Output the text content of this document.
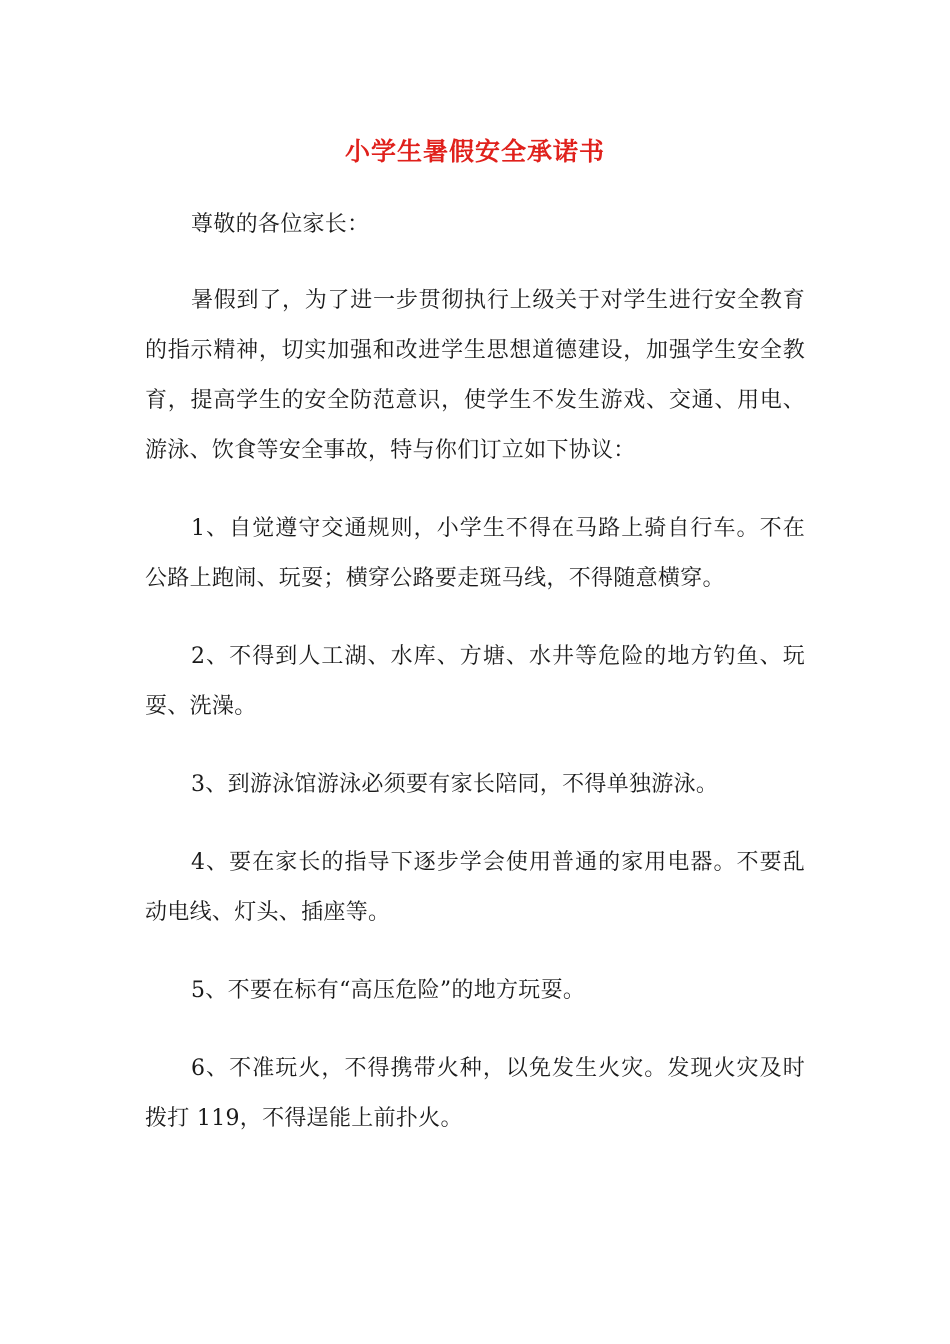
小学生暑假安全承诺书

尊敬的各位家长：

暑假到了，为了进一步贯彻执行上级关于对学生进行安全教育的指示精神，切实加强和改进学生思想道德建设，加强学生安全教育，提高学生的安全防范意识，使学生不发生游戏、交通、用电、游泳、饮食等安全事故，特与你们订立如下协议：

1、自觉遵守交通规则，小学生不得在马路上骑自行车。不在公路上跑闹、玩耍；横穿公路要走斑马线，不得随意横穿。

2、不得到人工湖、水库、方塘、水井等危险的地方钓鱼、玩耍、洗澡。

3、到游泳馆游泳必须要有家长陪同，不得单独游泳。

4、要在家长的指导下逐步学会使用普通的家用电器。不要乱动电线、灯头、插座等。

5、不要在标有“高压危险”的地方玩耍。

6、不准玩火，不得携带火种，以免发生火灾。发现火灾及时拨打 119，不得逞能上前扑火。
